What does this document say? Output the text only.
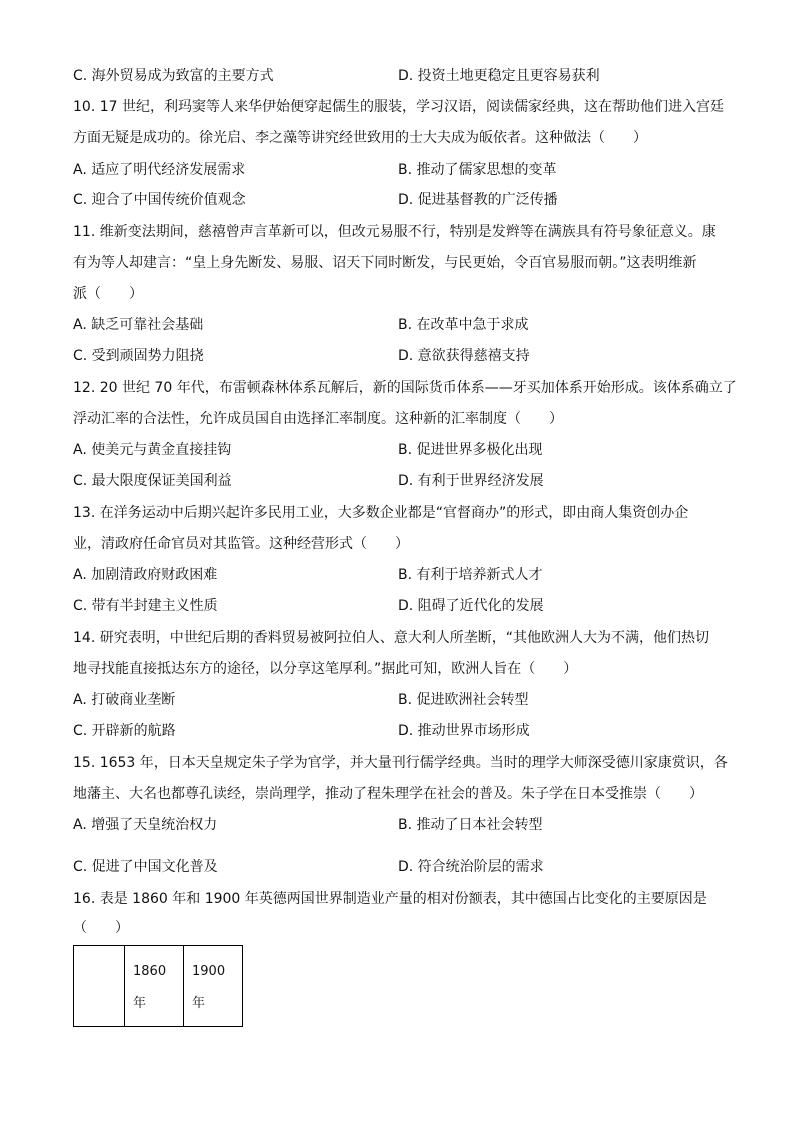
C. 海外贸易成为致富的主要方式	D. 投资土地更稳定且更容易获利
10. 17 世纪，利玛窦等人来华伊始便穿起儒生的服装，学习汉语，阅读儒家经典，这在帮助他们进入宫廷
方面无疑是成功的。徐光启、李之藻等讲究经世致用的士大夫成为皈依者。这种做法（　　）
A. 适应了明代经济发展需求	B. 推动了儒家思想的变革
C. 迎合了中国传统价值观念	D. 促进基督教的广泛传播
11. 维新变法期间，慈禧曾声言革新可以，但改元易服不行，特别是发辫等在满族具有符号象征意义。康
有为等人却建言：“皇上身先断发、易服、诏天下同时断发，与民更始，令百官易服而朝。”这表明维新
派（　　）
A. 缺乏可靠社会基础	B. 在改革中急于求成
C. 受到顽固势力阻挠	D. 意欲获得慈禧支持
12. 20 世纪 70 年代，布雷顿森林体系瓦解后，新的国际货币体系——牙买加体系开始形成。该体系确立了
浮动汇率的合法性，允许成员国自由选择汇率制度。这种新的汇率制度（　　）
A. 使美元与黄金直接挂钩	B. 促进世界多极化出现
C. 最大限度保证美国利益	D. 有利于世界经济发展
13. 在洋务运动中后期兴起许多民用工业，大多数企业都是“官督商办”的形式，即由商人集资创办企
业，清政府任命官员对其监管。这种经营形式（　　）
A. 加剧清政府财政困难	B. 有利于培养新式人才
C. 带有半封建主义性质	D. 阻碍了近代化的发展
14. 研究表明，中世纪后期的香料贸易被阿拉伯人、意大利人所垄断，“其他欧洲人大为不满，他们热切
地寻找能直接抵达东方的途径，以分享这笔厚利。”据此可知，欧洲人旨在（　　）
A. 打破商业垄断	B. 促进欧洲社会转型
C. 开辟新的航路	D. 推动世界市场形成
15. 1653 年，日本天皇规定朱子学为官学，并大量刊行儒学经典。当时的理学大师深受德川家康赏识，各
地藩主、大名也都尊孔读经，崇尚理学，推动了程朱理学在社会的普及。朱子学在日本受推崇（　　）
A. 增强了天皇统治权力	B. 推动了日本社会转型
C. 促进了中国文化普及	D. 符合统治阶层的需求
16. 表是 1860 年和 1900 年英德两国世界制造业产量的相对份额表，其中德国占比变化的主要原因是
（　　）
	1860 年	1900 年
